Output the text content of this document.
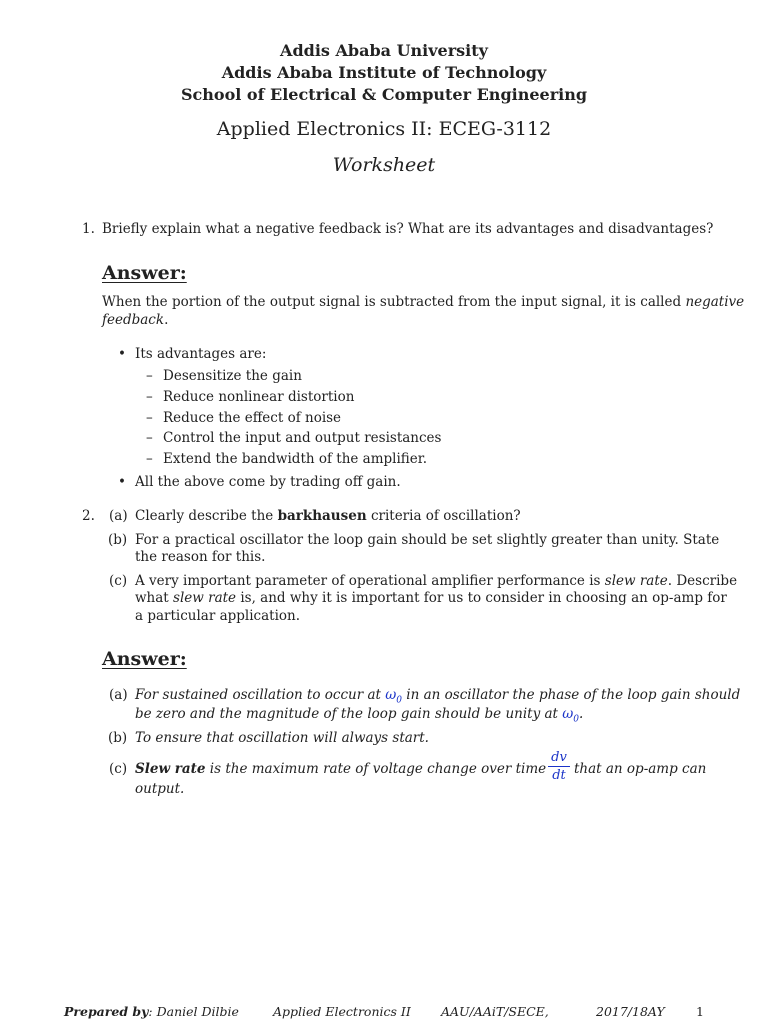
Addis Ababa University
Addis Ababa Institute of Technology
School of Electrical & Computer Engineering
Applied Electronics II: ECEG-3112
Worksheet
1. Briefly explain what a negative feedback is? What are its advantages and disadvantages?
Answer:
When the portion of the output signal is subtracted from the input signal, it is called negative
feedback.
• Its advantages are:
– Desensitize the gain
– Reduce nonlinear distortion
– Reduce the effect of noise
– Control the input and output resistances
– Extend the bandwidth of the amplifier.
• All the above come by trading off gain.
2. (a) Clearly describe the barkhausen criteria of oscillation?
(b) For a practical oscillator the loop gain should be set slightly greater than unity. State
the reason for this.
(c) A very important parameter of operational amplifier performance is slew rate. Describe
what slew rate is, and why it is important for us to consider in choosing an op-amp for
a particular application.
Answer:
(a) For sustained oscillation to occur at $\omega_0$ in an oscillator the phase of the loop gain should
be zero and the magnitude of the loop gain should be unity at $\omega_0$.
(b) To ensure that oscillation will always start.
(c) Slew rate is the maximum rate of voltage change over time
dv
dt that an op-amp can
output.
Prepared by: Daniel Dilbie	Applied Electronics II AAU/AAiT/SECE,	2017/18AY	1
